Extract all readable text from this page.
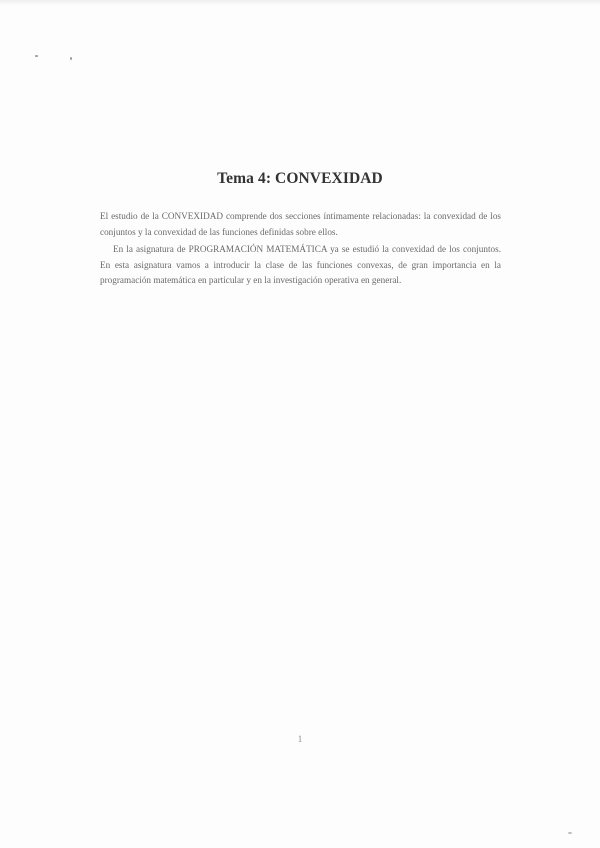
Tema 4: CONVEXIDAD

El estudio de la CONVEXIDAD comprende dos secciones íntimamente relacionadas: la convexidad de los conjuntos y la convexidad de las funciones definidas sobre ellos.

En la asignatura de PROGRAMACIÓN MATEMÁTICA ya se estudió la convexidad de los conjuntos. En esta asignatura vamos a introducir la clase de las funciones convexas, de gran importancia en la programación matemática en particular y en la investigación operativa en general.

1
